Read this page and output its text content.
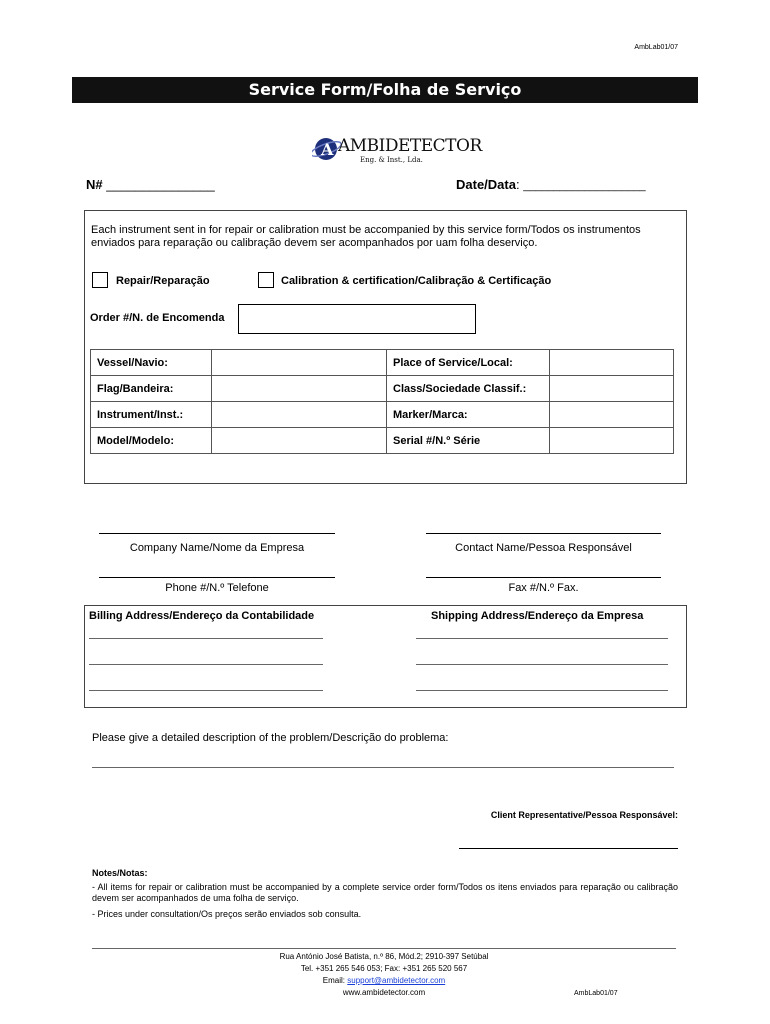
AmbLab01/07
Service Form/Folha de Serviço
A AMBIDETECTOR
Eng. & Inst., Lda.
N# _______________	Date/Data: ____________________
Each instrument sent in for repair or calibration must be accompanied by this service form/Todos os instrumentos enviados para reparação ou calibração devem ser acompanhados por uam folha deserviço.
Repair/Reparação	Calibration & certification/Calibração & Certificação
Order #/N. de Encomenda
Vessel/Navio:		Place of Service/Local:	
Flag/Bandeira:		Class/Sociedade Classif.:	
Instrument/Inst.:		Marker/Marca:	
Model/Modelo:		Serial #/N.º Série	
Company Name/Nome da Empresa	Contact Name/Pessoa Responsável
Phone #/N.º Telefone	Fax #/N.º Fax.
Billing Address/Endereço da Contabilidade	Shipping Address/Endereço da Empresa
Please give a detailed description of the problem/Descrição do problema:
Client Representative/Pessoa Responsável:
Notes/Notas:
- All items for repair or calibration must be accompanied by a complete service order form/Todos os itens enviados para reparação ou calibração devem ser acompanhados de uma folha de serviço.
- Prices under consultation/Os preços serão enviados sob consulta.
Rua António José Batista, n.º 86, Mód.2; 2910-397 Setúbal
Tel. +351 265 546 053; Fax: +351 265 520 567
Email: support@ambidetector.com
www.ambidetector.com	AmbLab01/07
